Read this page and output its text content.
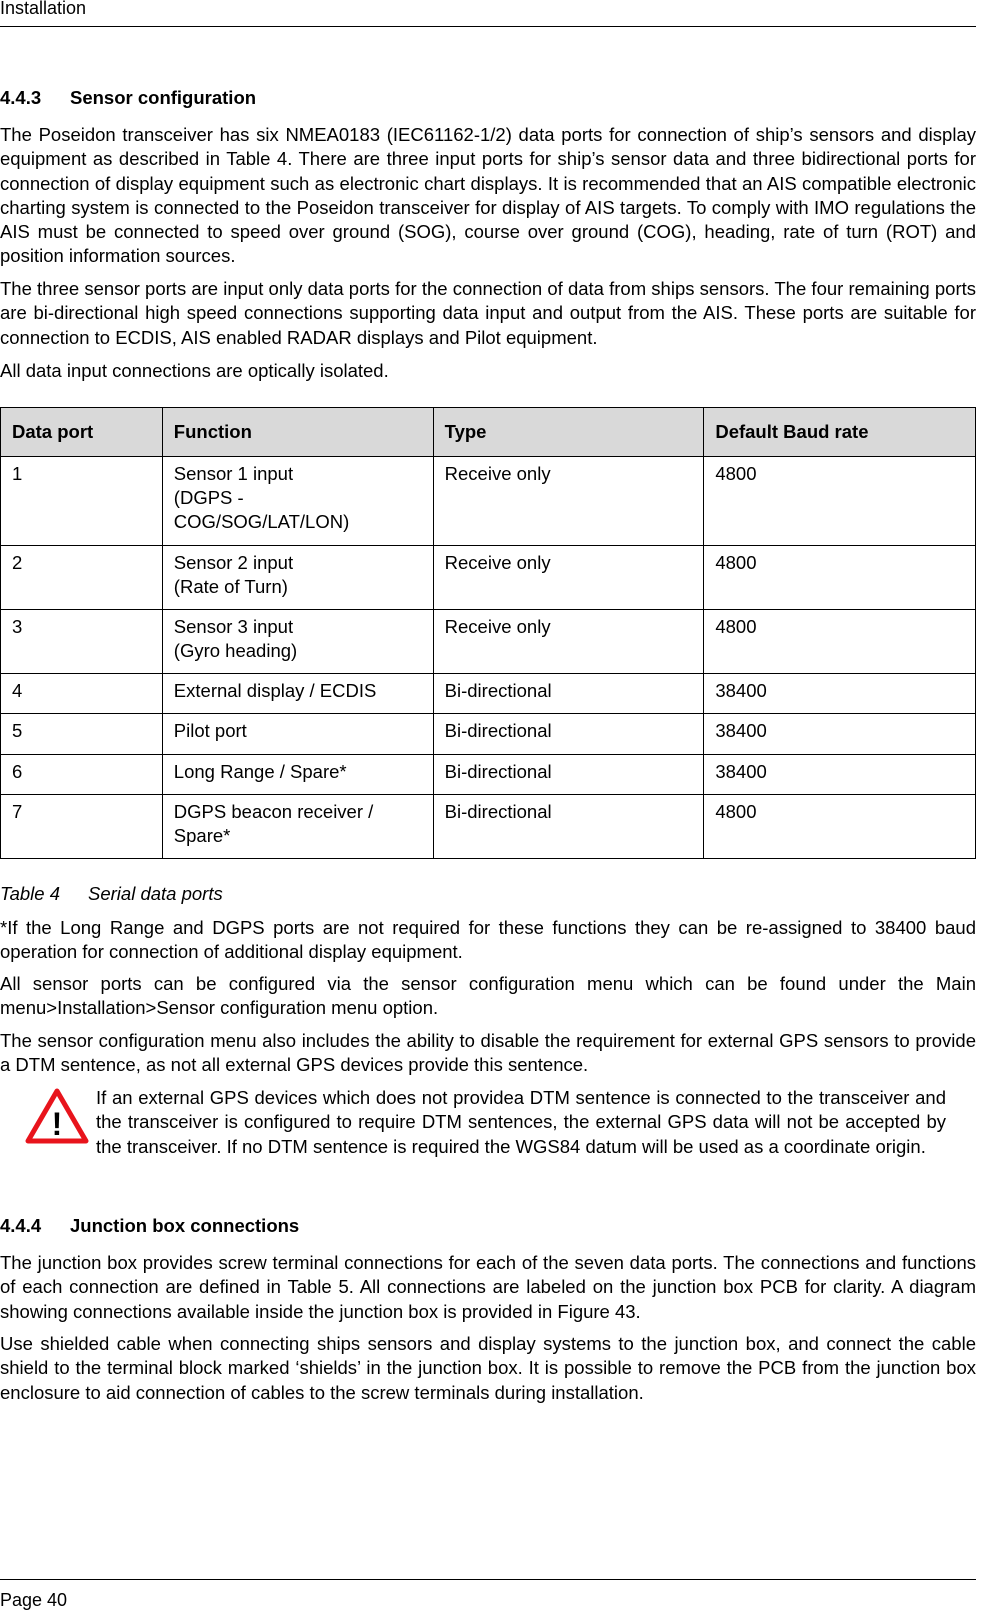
Installation
4.4.3 Sensor configuration

The Poseidon transceiver has six NMEA0183 (IEC61162-1/2) data ports for connection of ship’s sensors and display equipment as described in Table 4. There are three input ports for ship’s sensor data and three bidirectional ports for connection of display equipment such as electronic chart displays. It is recommended that an AIS compatible electronic charting system is connected to the Poseidon transceiver for display of AIS targets. To comply with IMO regulations the AIS must be connected to speed over ground (SOG), course over ground (COG), heading, rate of turn (ROT) and position information sources.

The three sensor ports are input only data ports for the connection of data from ships sensors. The four remaining ports are bi-directional high speed connections supporting data input and output from the AIS. These ports are suitable for connection to ECDIS, AIS enabled RADAR displays and Pilot equipment.

All data input connections are optically isolated.

Data port	Function	Type	Default Baud rate
1	Sensor 1 input
(DGPS -
COG/SOG/LAT/LON)	Receive only	4800
2	Sensor 2 input
(Rate of Turn)	Receive only	4800
3	Sensor 3 input
(Gyro heading)	Receive only	4800
4	External display / ECDIS	Bi-directional	38400
5	Pilot port	Bi-directional	38400
6	Long Range / Spare*	Bi-directional	38400
7	DGPS beacon receiver /
Spare*	Bi-directional	4800
Table 4 Serial data ports

*If the Long Range and DGPS ports are not required for these functions they can be re-assigned to 38400 baud operation for connection of additional display equipment.

All sensor ports can be configured via the sensor configuration menu which can be found under the Main menu>Installation>Sensor configuration menu option.

The sensor configuration menu also includes the ability to disable the requirement for external GPS sensors to provide a DTM sentence, as not all external GPS devices provide this sentence.

!

If an external GPS devices which does not providea DTM sentence is connected to the transceiver and the transceiver is configured to require DTM sentences, the external GPS data will not be accepted by the transceiver. If no DTM sentence is required the WGS84 datum will be used as a coordinate origin.

4.4.4 Junction box connections

The junction box provides screw terminal connections for each of the seven data ports. The connections and functions of each connection are defined in Table 5. All connections are labeled on the junction box PCB for clarity. A diagram showing connections available inside the junction box is provided in Figure 43.

Use shielded cable when connecting ships sensors and display systems to the junction box, and connect the cable shield to the terminal block marked ‘shields’ in the junction box. It is possible to remove the PCB from the junction box enclosure to aid connection of cables to the screw terminals during installation.

Page 40
